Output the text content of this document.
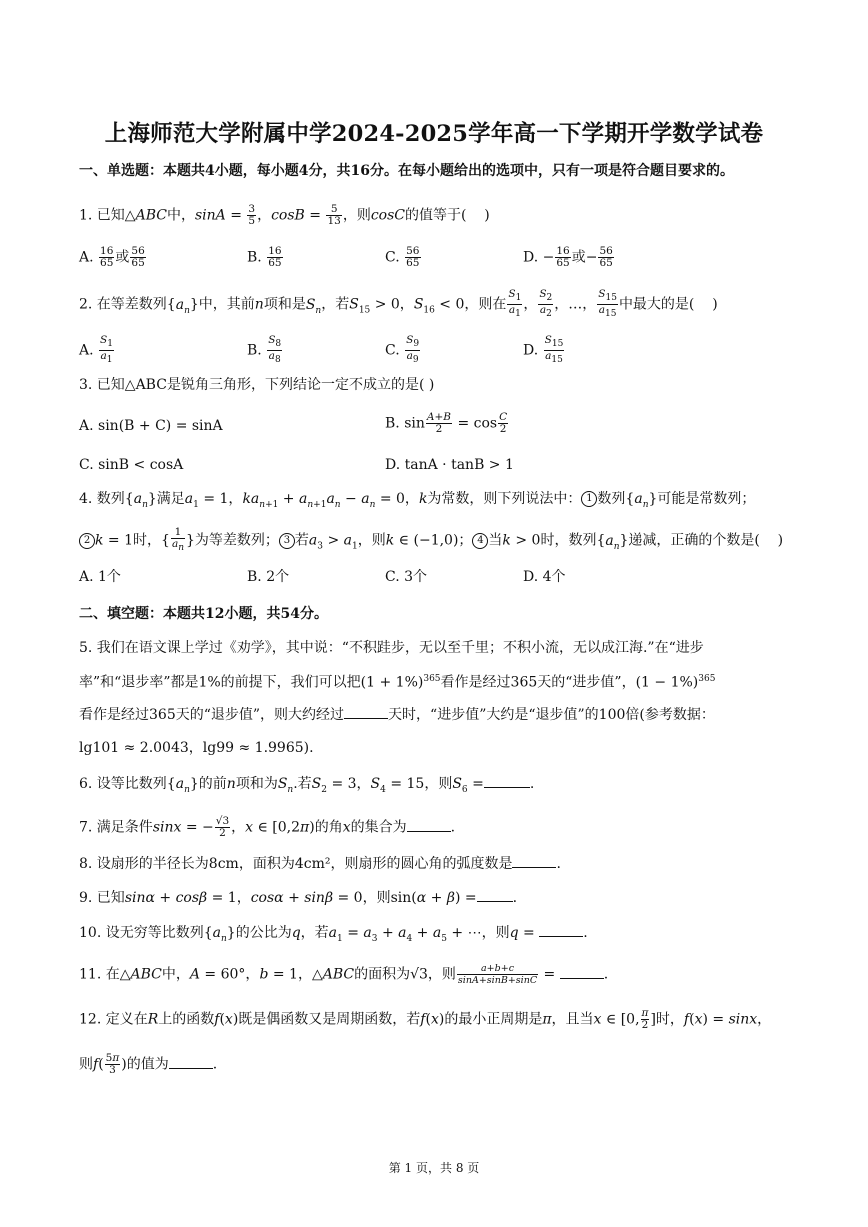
上海师范大学附属中学2024-2025学年高一下学期开学数学试卷
一、单选题：本题共4小题，每小题4分，共16分。在每小题给出的选项中，只有一项是符合题目要求的。
1. 已知△ABC中，$\sin A = \frac{3}{5}$ ，$\cos B = \frac{5}{13}$ ，则cosC的值等于(    )
A. $\frac{16}{65}$ 或 $\frac{56}{65}$	B. $\frac{16}{65}$	C. $\frac{56}{65}$	D. − $\frac{16}{65}$ 或− $\frac{56}{65}$
2. 在等差数列$\{a_n\}$中，其前n项和是$S_n$，若$S_{15} > 0$，$S_{16} < 0$，则在 $\frac{S_1}{a_1}$ ， $\frac{S_2}{a_2}$ ，…， $\frac{S_{15}}{a_{15}}$ 中最大的是(    )
A. $\frac{S_1}{a_1}$	B. $\frac{S_8}{a_8}$	C. $\frac{S_9}{a_9}$	D. $\frac{S_{15}}{a_{15}}$
3. 已知△ABC是锐角三角形，下列结论一定不成立的是( )
A. sin(B + C) = sinA	B. $\sin \frac{A+B}{2} = \cos \frac{C}{2}$
C. sinB < cosA	D. tanA · tanB > 1
4. 数列$\{a_n\}$满足$a_1 = 1$，$ka_{n+1} + a_{n+1}a_n - a_n = 0$，k为常数，则下列说法中： 1 数列$\{a_n\}$可能是常数列；
2 k = 1时，{ $\frac{1}{a_n}$ }为等差数列； 3 若$a_3 > a_1$，则k ∈ (−1,0)； 4 当k > 0时，数列$\{a_n\}$递减，正确的个数是(    )
A. 1个	B. 2个	C. 3个	D. 4个
二、填空题：本题共12小题，共54分。
5. 我们在语文课上学过《劝学》，其中说：“不积跬步，无以至千里；不积小流，无以成江海.”在“进步
率”和“退步率”都是1%的前提下，我们可以把$(1 + 1\%)^{365}$看作是经过365天的“进步值”，$(1 - 1\%)^{365}$
看作是经过365天的“退步值”，则大约经过	天时，“进步值”大约是“退步值”的100倍(参考数据：
lg101 ≈ 2.0043，lg99 ≈ 1.9965).
6. 设等比数列$\{a_n\}$的前n项和为$S_n$.若$S_2 = 3$，$S_4 = 15$，则$S_6$ =	.
7. 满足条件sinx = − $\frac{√3}{2}$ ，x ∈ [0,2π)的角x的集合为	.
8. 设扇形的半径长为8cm，面积为4cm²，则扇形的圆心角的弧度数是	.
9. 已知sinα + cosβ = 1，cosα + sinβ = 0，则sin(α + β) =	.
10. 设无穷等比数列$\{a_n\}$的公比为q，若$a_1 = a_3 + a_4 + a_5$ + ⋯，则q =	.
11. 在△ABC中，A = 60°，b = 1，△ABC的面积为√3，则 $\frac{a+b+c}{\sin A+\sin B+\sin C}$ =	.
12. 定义在R上的函数f(x)既是偶函数又是周期函数，若f(x)的最小正周期是π，且当x ∈ [0, $\frac{\pi}{2}$ ]时，f(x) = sinx，
则$f( \frac{5\pi}{3}$ )的值为	.
第 1 页，共 8 页
